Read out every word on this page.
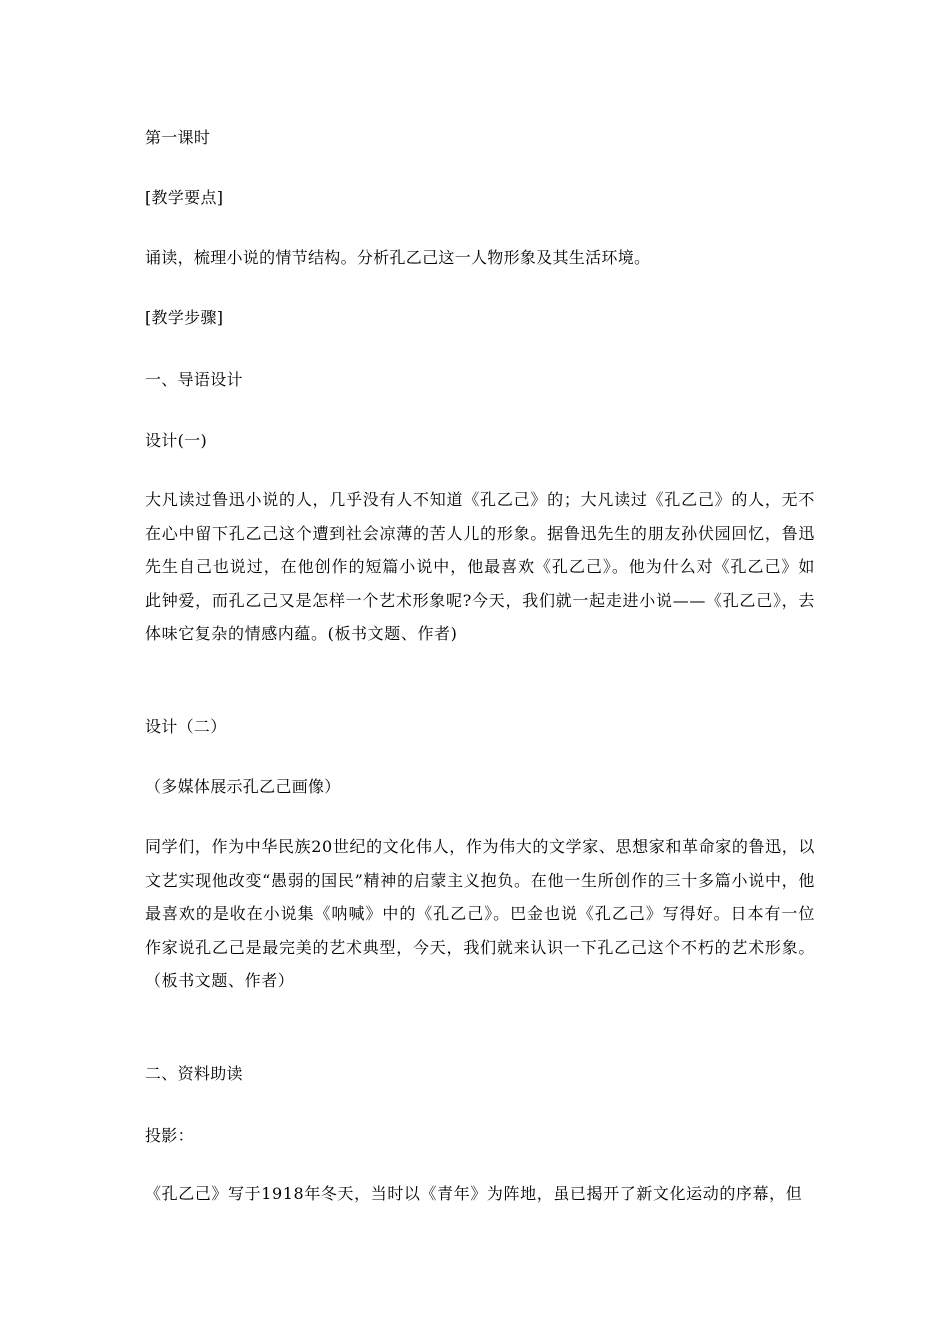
第一课时
[教学要点]
诵读，梳理小说的情节结构。分析孔乙己这一人物形象及其生活环境。
[教学步骤]
一、导语设计
设计(一)
大凡读过鲁迅小说的人，几乎没有人不知道《孔乙己》的；大凡读过《孔乙己》的人，无不在心中留下孔乙己这个遭到社会凉薄的苦人儿的形象。据鲁迅先生的朋友孙伏园回忆，鲁迅先生自己也说过，在他创作的短篇小说中，他最喜欢《孔乙己》。他为什么对《孔乙己》如此钟爱，而孔乙己又是怎样一个艺术形象呢?今天，我们就一起走进小说——《孔乙己》，去体味它复杂的情感内蕴。(板书文题、作者)
设计（二）
（多媒体展示孔乙己画像）
同学们，作为中华民族20世纪的文化伟人，作为伟大的文学家、思想家和革命家的鲁迅，以文艺实现他改变“愚弱的国民”精神的启蒙主义抱负。在他一生所创作的三十多篇小说中，他最喜欢的是收在小说集《呐喊》中的《孔乙己》。巴金也说《孔乙己》写得好。日本有一位作家说孔乙己是最完美的艺术典型，今天，我们就来认识一下孔乙己这个不朽的艺术形象。（板书文题、作者）
二、资料助读
投影：
《孔乙己》写于1918年冬天，当时以《青年》为阵地，虽已揭开了新文化运动的序幕，但
